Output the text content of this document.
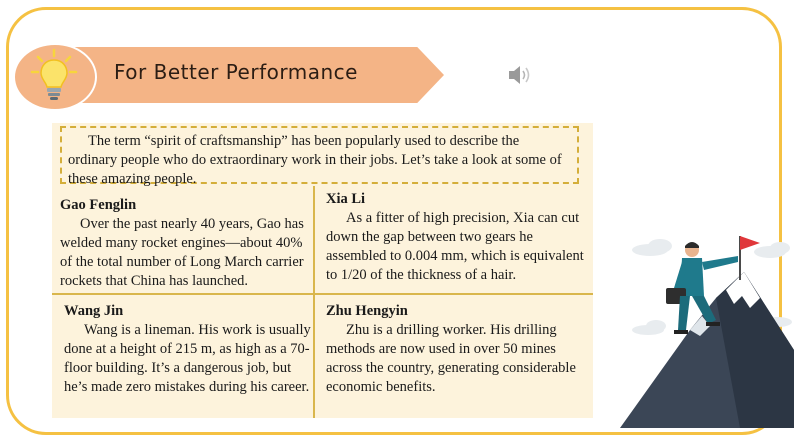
For Better Performance
The term “spirit of craftsmanship” has been popularly used to describe the ordinary people who do extraordinary work in their jobs. Let’s take a look at some of these amazing people.
Gao Fenglin
Over the past nearly 40 years, Gao has welded many rocket engines—about 40% of the total number of Long March carrier rockets that China has launched.
Xia Li
As a fitter of high precision, Xia can cut down the gap between two gears he assembled to 0.004 mm, which is equivalent to 1/20 of the thickness of a hair.
Wang Jin
Wang is a lineman. His work is usually done at a height of 215 m, as high as a 70-floor building. It’s a dangerous job, but he’s made zero mistakes during his career.
Zhu Hengyin
Zhu is a drilling worker. His drilling methods are now used in over 50 mines across the country, generating considerable economic benefits.
